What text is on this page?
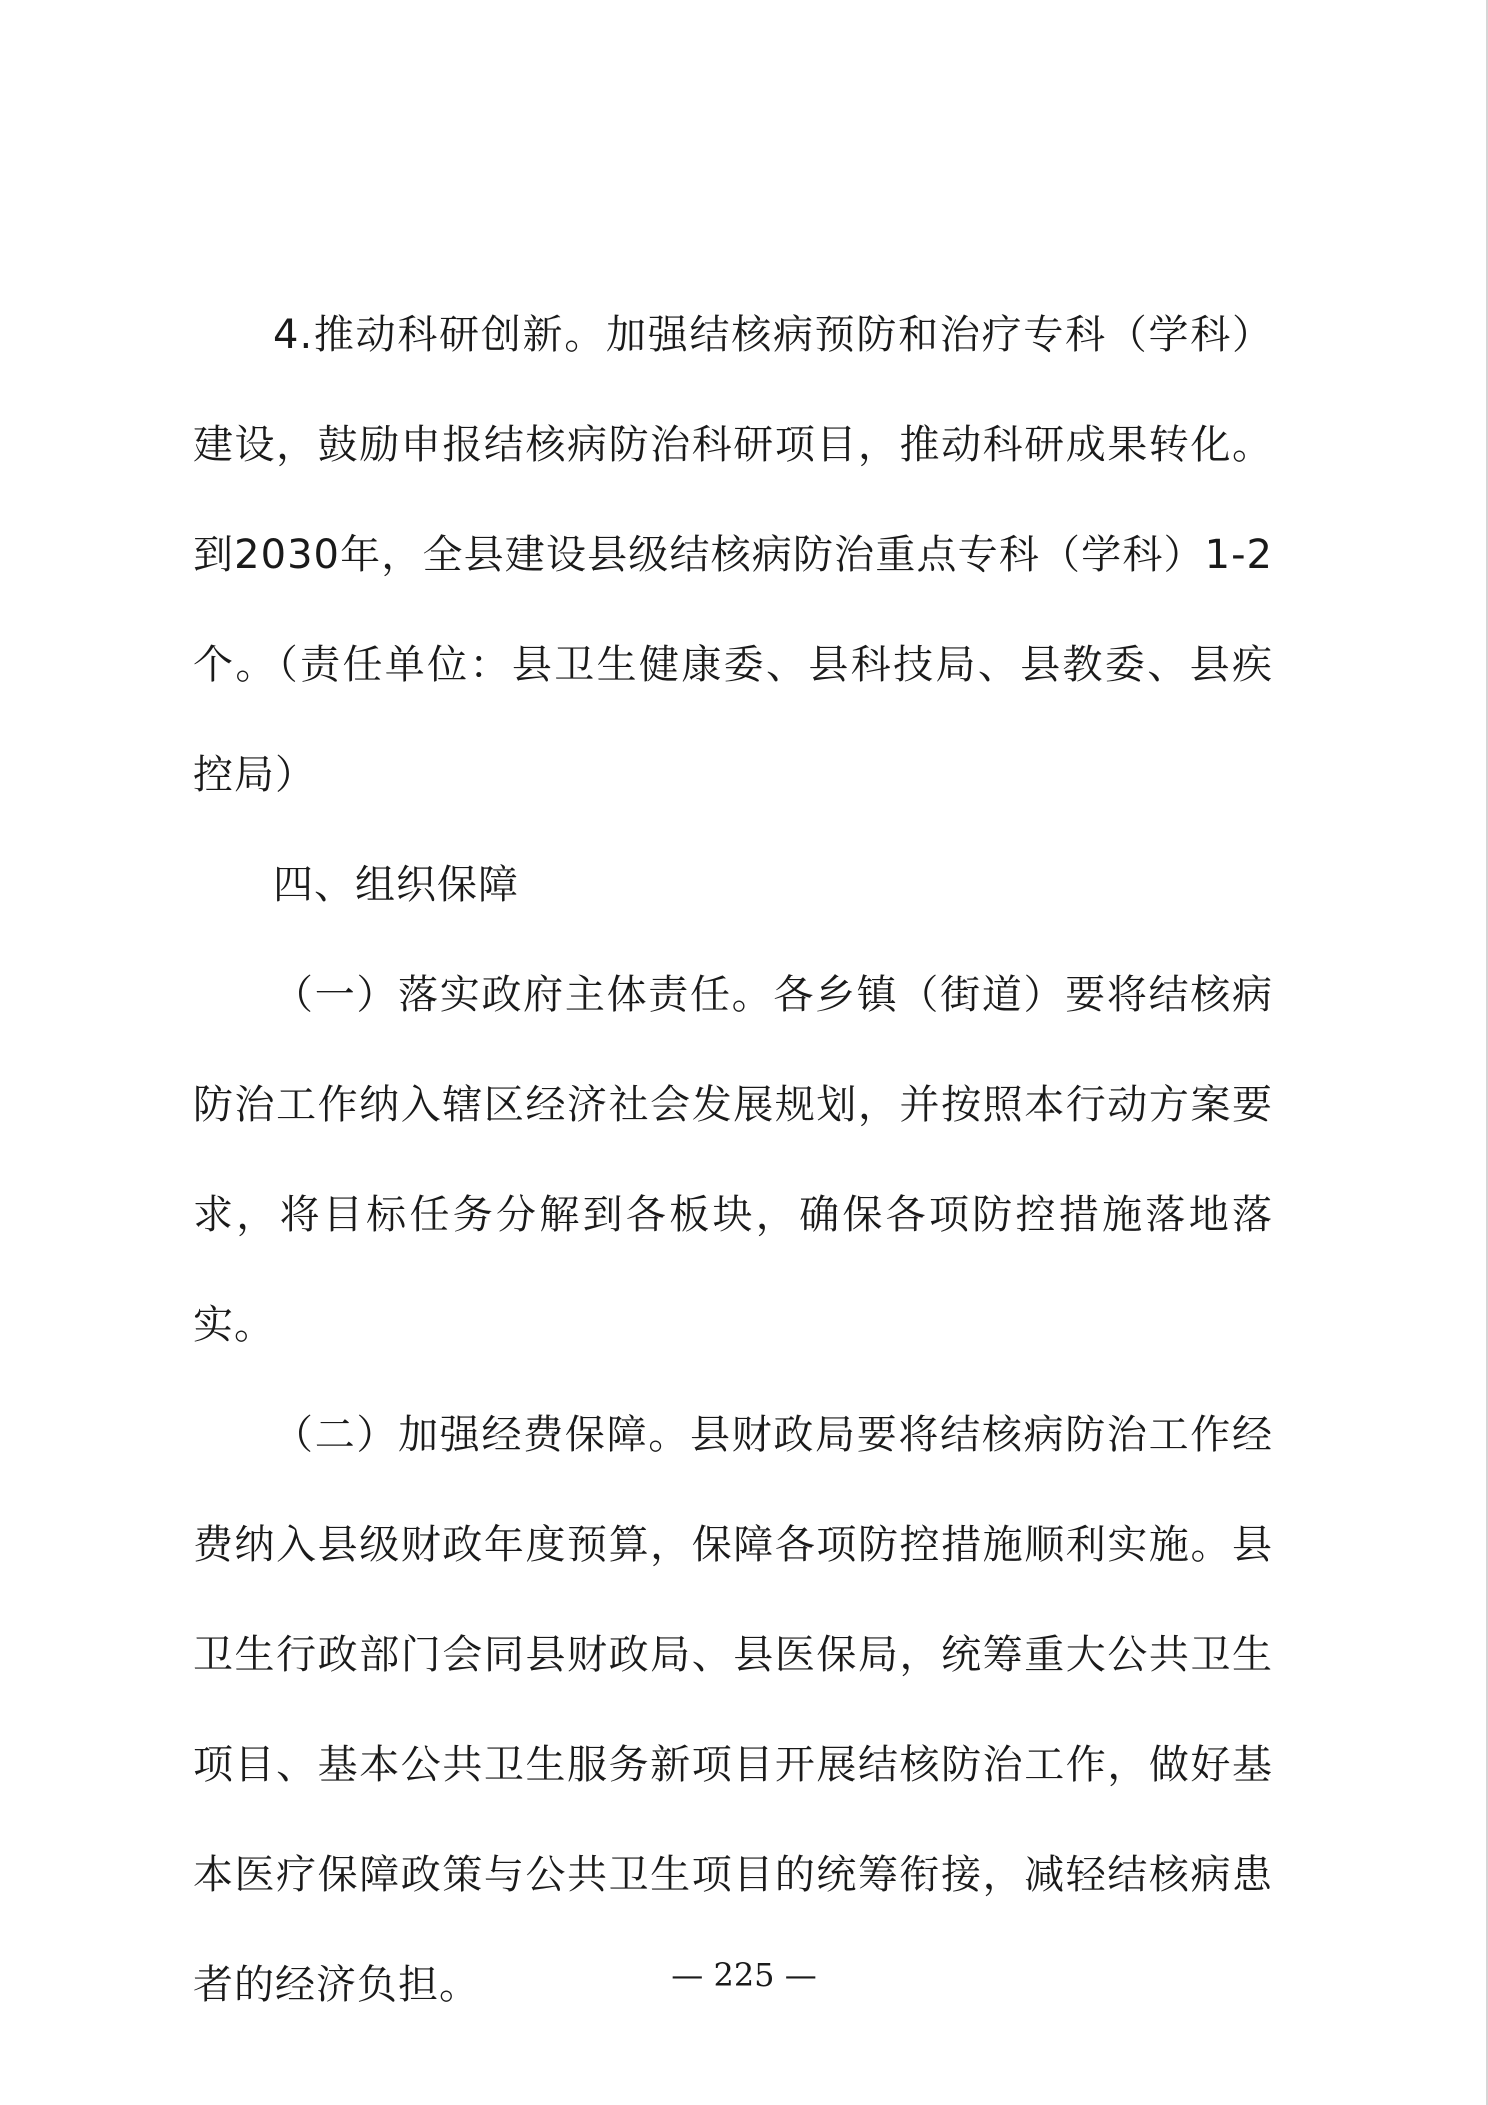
4.推动科研创新。加强结核病预防和治疗专科（学科）建设，鼓励申报结核病防治科研项目，推动科研成果转化。到2030年，全县建设县级结核病防治重点专科（学科）1-2个。（责任单位：县卫生健康委、县科技局、县教委、县疾控局）

四、组织保障

（一）落实政府主体责任。各乡镇（街道）要将结核病防治工作纳入辖区经济社会发展规划，并按照本行动方案要求，将目标任务分解到各板块，确保各项防控措施落地落实。

（二）加强经费保障。县财政局要将结核病防治工作经费纳入县级财政年度预算，保障各项防控措施顺利实施。县卫生行政部门会同县财政局、县医保局，统筹重大公共卫生项目、基本公共卫生服务新项目开展结核防治工作，做好基本医疗保障政策与公共卫生项目的统筹衔接，减轻结核病患者的经济负担。	— 225 —
